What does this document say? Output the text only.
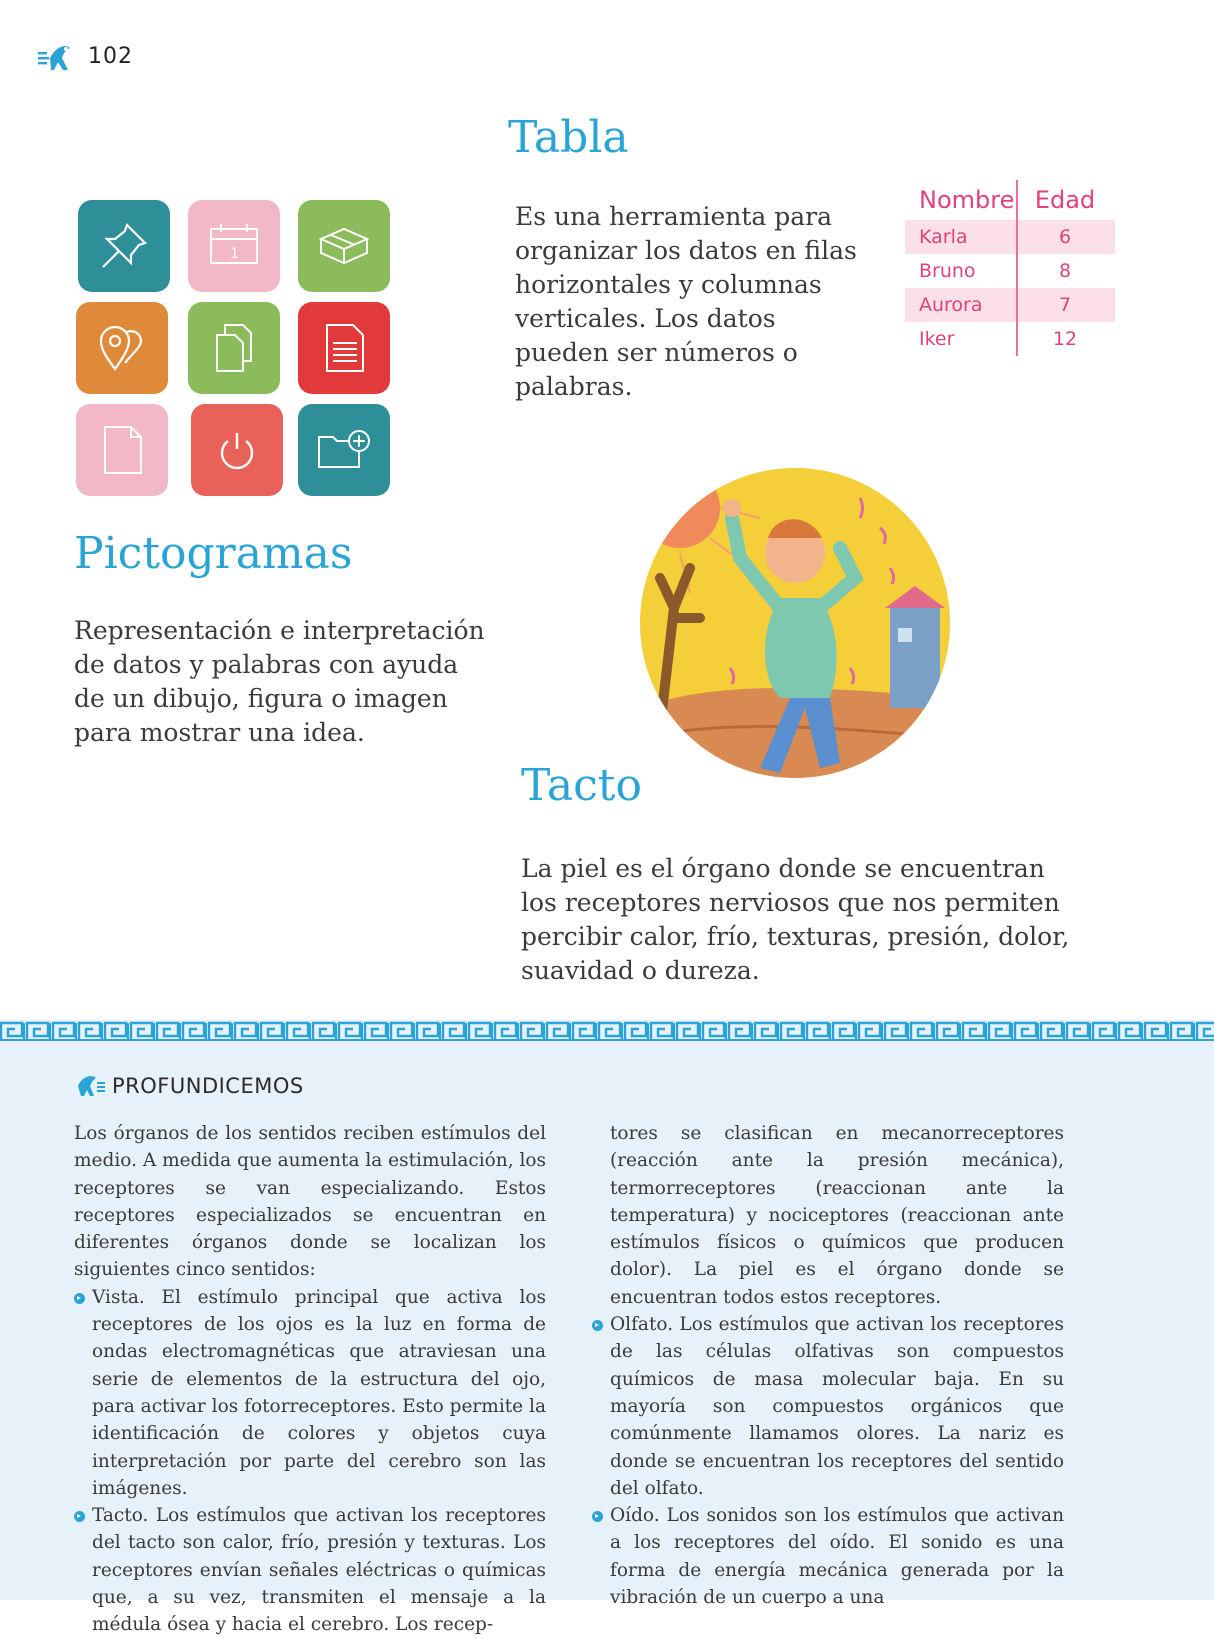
102
1
Tabla

Es una herramienta para organizar los datos en filas horizontales y columnas verticales. Los datos pueden ser números o palabras.

Nombre Edad
Karla	6
Bruno	8
Aurora	7
Iker	12
Pictogramas

Representación e interpretación de datos y palabras con ayuda de un dibujo, figura o imagen para mostrar una idea.

Tacto

La piel es el órgano donde se encuentran los receptores nerviosos que nos permiten percibir calor, frío, texturas, presión, dolor, suavidad o dureza.

PROFUNDICEMOS

Los órganos de los sentidos reciben estímulos del medio. A medida que aumenta la estimulación, los receptores se van especializando. Estos receptores especializados se encuentran en diferentes órganos donde se localizan los siguientes cinco sentidos:

Vista. El estímulo principal que activa los receptores de los ojos es la luz en forma de ondas electromagnéticas que atraviesan una serie de elementos de la estructura del ojo, para activar los fotorreceptores. Esto permite la identificación de colores y objetos cuya interpretación por parte del cerebro son las imágenes.
Tacto. Los estímulos que activan los receptores del tacto son calor, frío, presión y texturas. Los receptores envían señales eléctricas o químicas que, a su vez, transmiten el mensaje a la médula ósea y hacia el cerebro. Los recep-

tores se clasifican en mecanorreceptores (reacción ante la presión mecánica), termorreceptores (reaccionan ante la temperatura) y nociceptores (reaccionan ante estímulos físicos o químicos que producen dolor). La piel es el órgano donde se encuentran todos estos receptores.

Olfato. Los estímulos que activan los receptores de las células olfativas son compuestos químicos de masa molecular baja. En su mayoría son compuestos orgánicos que comúnmente llamamos olores. La nariz es donde se encuentran los receptores del sentido del olfato.
Oído. Los sonidos son los estímulos que activan a los receptores del oído. El sonido es una forma de energía mecánica generada por la vibración de un cuerpo a una
